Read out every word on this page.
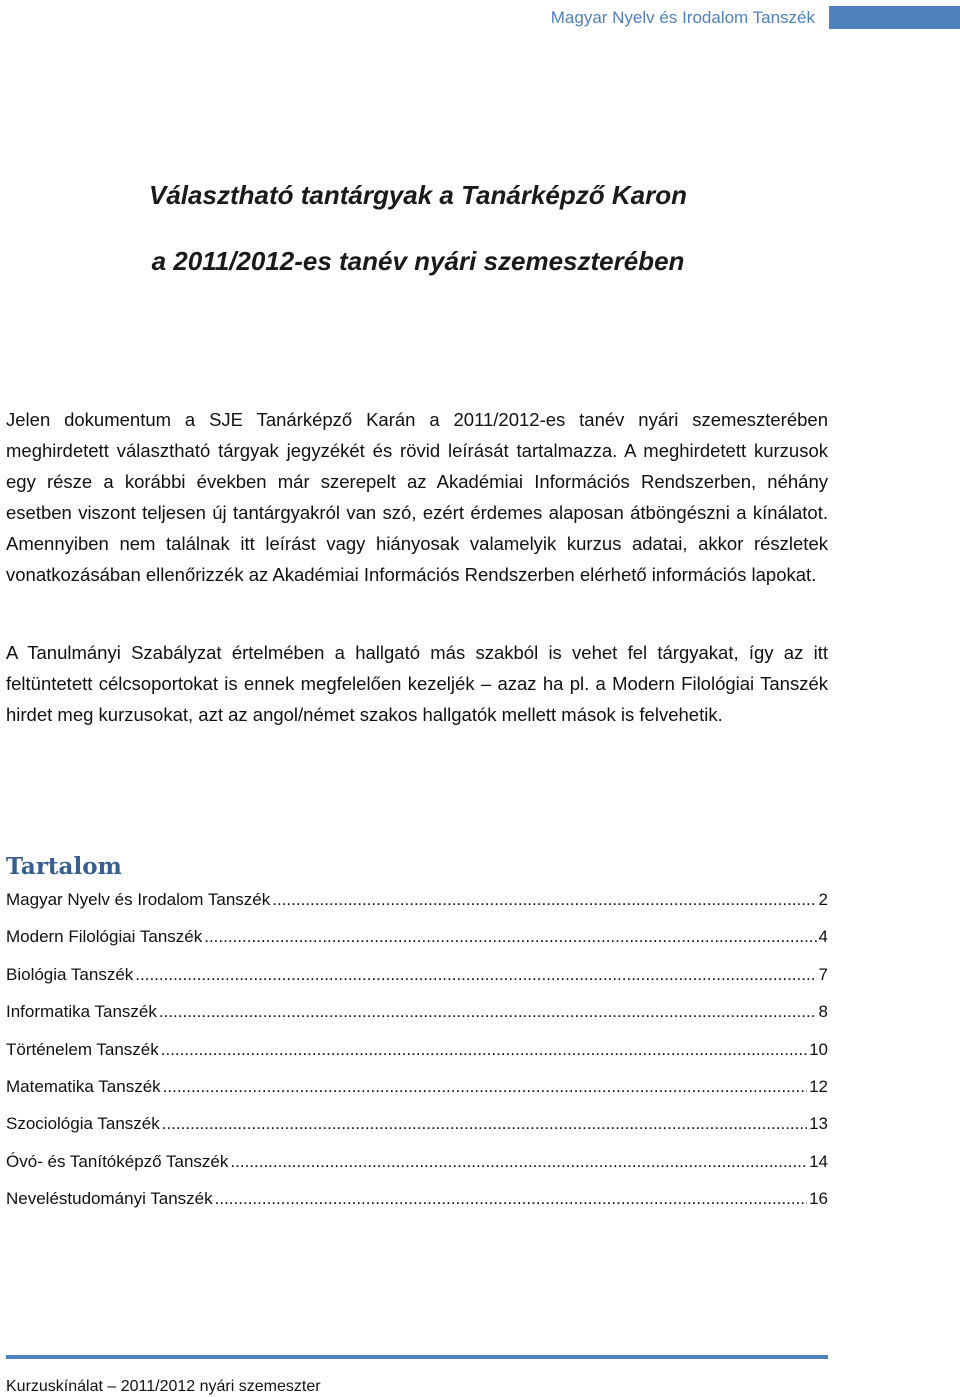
Magyar Nyelv és Irodalom Tanszék
Választható tantárgyak a Tanárképző Karon
a 2011/2012-es tanév nyári szemeszterében

Jelen dokumentum a SJE Tanárképző Karán a 2011/2012-es tanév nyári szemeszterében meghirdetett választható tárgyak jegyzékét és rövid leírását tartalmazza. A meghirdetett kurzusok egy része a korábbi években már szerepelt az Akadémiai Információs Rendszerben, néhány esetben viszont teljesen új tantárgyakról van szó, ezért érdemes alaposan átböngészni a kínálatot. Amennyiben nem találnak itt leírást vagy hiányosak valamelyik kurzus adatai, akkor részletek vonatkozásában ellenőrizzék az Akadémiai Információs Rendszerben elérhető információs lapokat.

A Tanulmányi Szabályzat értelmében a hallgató más szakból is vehet fel tárgyakat, így az itt feltüntetett célcsoportokat is ennek megfelelően kezeljék – azaz ha pl. a Modern Filológiai Tanszék hirdet meg kurzusokat, azt az angol/német szakos hallgatók mellett mások is felvehetik.

Tartalom
Magyar Nyelv és Irodalom Tanszék .....	2
Modern Filológiai Tanszék .....	4
Biológia Tanszék .....	7
Informatika Tanszék .....	8
Történelem Tanszék .....	10
Matematika Tanszék .....	12
Szociológia Tanszék .....	13
Óvó- és Tanítóképző Tanszék .....	14
Neveléstudományi Tanszék .....	16
Kurzuskínálat – 2011/2012 nyári szemeszter
